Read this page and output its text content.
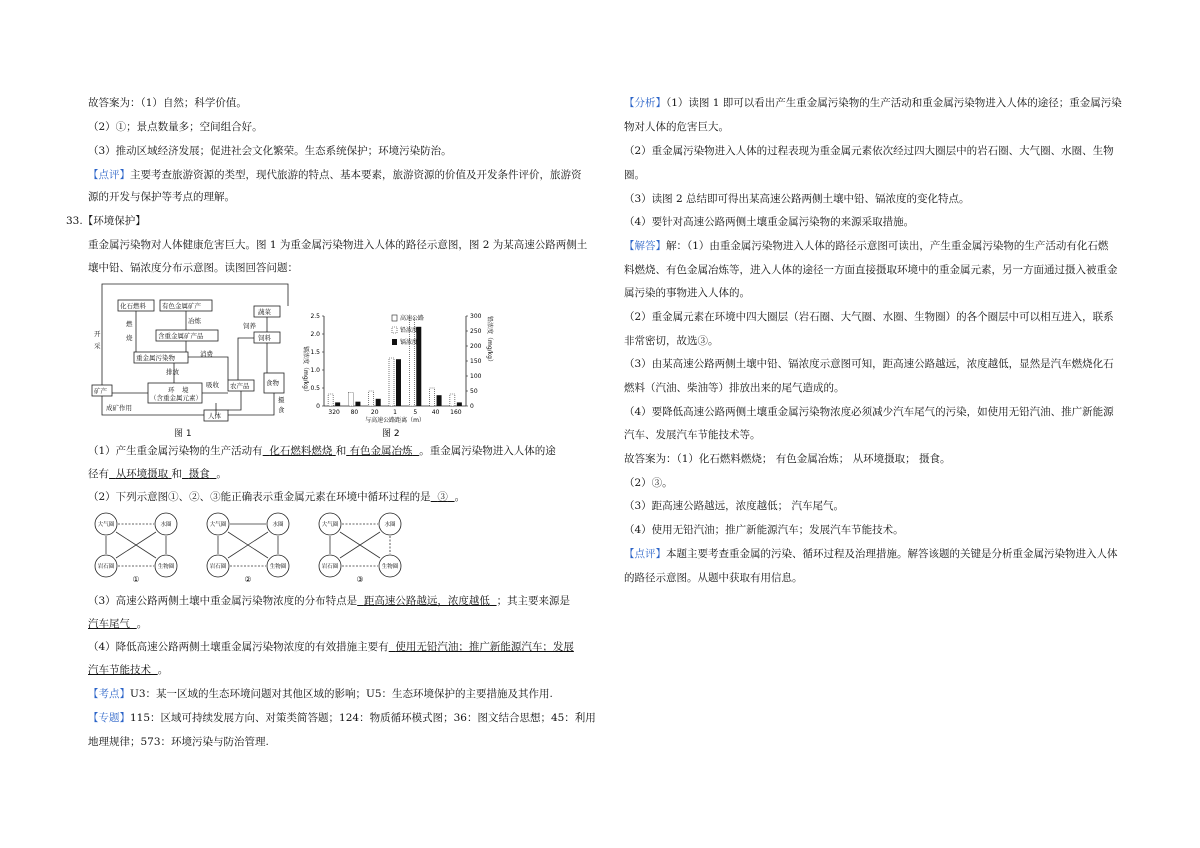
故答案为：（1）自然；科学价值。
（2）①；景点数量多；空间组合好。
（3）推动区域经济发展；促进社会文化繁荣。生态系统保护；环境污染防治。
【点评】主要考查旅游资源的类型，现代旅游的特点、基本要素，旅游资源的价值及开发条件评价，旅游资
源的开发与保护等考点的理解。
33.【环境保护】
重金属污染物对人体健康危害巨大。图 1 为重金属污染物进入人体的路径示意图，图 2 为某高速公路两侧土
壤中铅、镉浓度分布示意图。读图回答问题：
化石燃料 有色金属矿产
冶炼
燃
烧	含重金属矿产品
重金属污染物
排放
消费
环 境
（含重金属元素）
开
采
矿产
成矿作用
吸收 农产品
人体
蔬菜
饲养
饲料
食物
摄
食
图 1
0
0.5
1.0
1.5
2.0
2.5
0
50
100
150
200
250
300
镉浓度（mg/kg）
铅浓度（mg/kg）
与高速公路距离（m）
320 80 20 1	5 40 160
高速公路
铅浓度
镉浓度
图 2
（1）产生重金属污染物的生产活动有 化石燃料燃烧 和 有色金属冶炼 。重金属污染物进入人体的途
径有 从环境摄取 和 摄食 。
（2）下列示意图①、②、③能正确表示重金属元素在环境中循环过程的是 ③ 。
大气圈	水圈
岩石圈	生物圈
①
大气圈	水圈
岩石圈	生物圈
②
大气圈	水圈
岩石圈	生物圈
③
（3）高速公路两侧土壤中重金属污染物浓度的分布特点是 距高速公路越远，浓度越低 ；其主要来源是
汽车尾气 。
（4）降低高速公路两侧土壤重金属污染物浓度的有效措施主要有 使用无铅汽油；推广新能源汽车；发展
汽车节能技术 。
【考点】U3：某一区域的生态环境问题对其他区域的影响；U5：生态环境保护的主要措施及其作用.
【专题】115：区域可持续发展方向、对策类简答题；124：物质循环模式图；36：图文结合思想；45：利用
地理规律；573：环境污染与防治管理.
【分析】（1）读图 1 即可以看出产生重金属污染物的生产活动和重金属污染物进入人体的途径；重金属污染
物对人体的危害巨大。
（2）重金属污染物进入人体的过程表现为重金属元素依次经过四大圈层中的岩石圈、大气圈、水圈、生物
圈。
（3）读图 2 总结即可得出某高速公路两侧土壤中铅、镉浓度的变化特点。
（4）要针对高速公路两侧土壤重金属污染物的来源采取措施。
【解答】解：（1）由重金属污染物进入人体的路径示意图可读出，产生重金属污染物的生产活动有化石燃
料燃烧、有色金属冶炼等，进入人体的途径一方面直接摄取环境中的重金属元素，另一方面通过摄入被重金
属污染的事物进入人体的。
（2）重金属元素在环境中四大圈层（岩石圈、大气圈、水圈、生物圈）的各个圈层中可以相互进入，联系
非常密切，故选③。
（3）由某高速公路两侧土壤中铅、镉浓度示意图可知，距高速公路越远，浓度越低，显然是汽车燃烧化石
燃料（汽油、柴油等）排放出来的尾气造成的。
（4）要降低高速公路两侧土壤重金属污染物浓度必须减少汽车尾气的污染，如使用无铅汽油、推广新能源
汽车、发展汽车节能技术等。
故答案为：（1）化石燃料燃烧； 有色金属冶炼； 从环境摄取； 摄食。
（2）③。
（3）距高速公路越远，浓度越低； 汽车尾气。
（4）使用无铅汽油；推广新能源汽车；发展汽车节能技术。
【点评】本题主要考查重金属的污染、循环过程及治理措施。解答该题的关键是分析重金属污染物进入人体
的路径示意图。从题中获取有用信息。
